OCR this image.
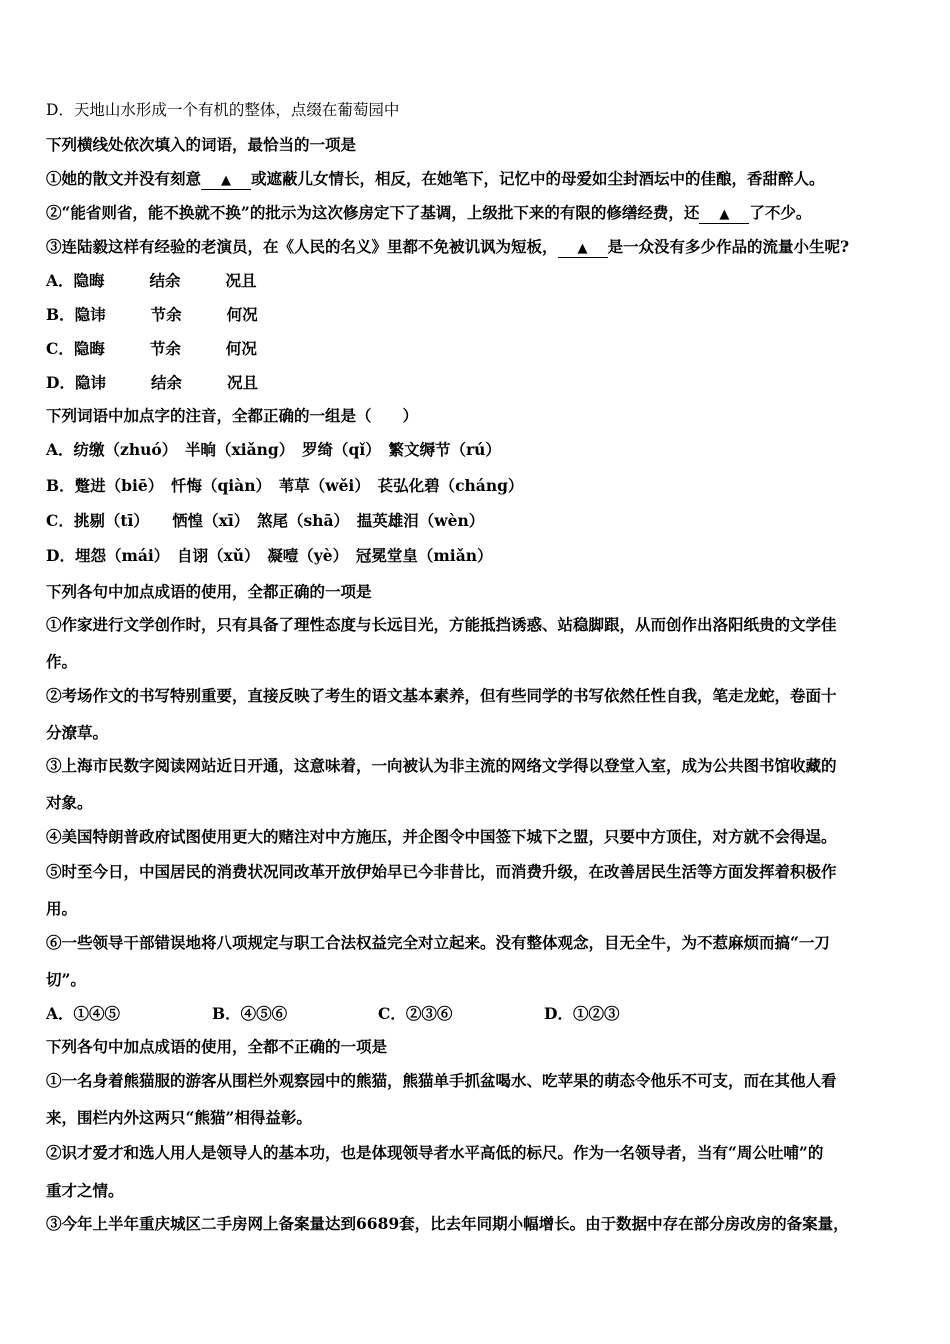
D．天地山水形成一个有机的整体，点缀在葡萄园中
下列横线处依次填入的词语，最恰当的一项是
①她的散文并没有刻意 ▲ 或遮蔽儿女情长，相反，在她笔下，记忆中的母爱如尘封酒坛中的佳酿，香甜醉人。
②“能省则省，能不换就不换”的批示为这次修房定下了基调，上级批下来的有限的修缮经费，还 ▲ 了不少。
③连陆毅这样有经验的老演员，在《人民的名义》里都不免被讥讽为短板， ▲ 是一众没有多少作品的流量小生呢?
A．隐晦	结余	况且
B．隐讳	节余	何况
C．隐晦	节余	何况
D．隐讳	结余	况且
下列词语中加点字的注音，全都正确的一组是（　　）
A．纺缴（zhuó）　半晌（xiǎng）　罗绮（qǐ）　繁文缛节（rú）
B．蹩进（biē）　忏悔（qiàn）　苇草（wěi）　苌弘化碧（cháng）
C．挑剔（tī）　　恓惶（xī）　煞尾（shā）　揾英雄泪（wèn）
D．埋怨（mái）　自诩（xǔ）　凝噎（yè）　冠冕堂皇（miǎn）
下列各句中加点成语的使用，全都正确的一项是
①作家进行文学创作时，只有具备了理性态度与长远目光，方能抵挡诱惑、站稳脚跟，从而创作出洛阳纸贵的文学佳
作。
②考场作文的书写特别重要，直接反映了考生的语文基本素养，但有些同学的书写依然任性自我，笔走龙蛇，卷面十
分潦草。
③上海市民数字阅读网站近日开通，这意味着，一向被认为非主流的网络文学得以登堂入室，成为公共图书馆收藏的
对象。
④美国特朗普政府试图使用更大的赌注对中方施压，并企图令中国签下城下之盟，只要中方顶住，对方就不会得逞。
⑤时至今日，中国居民的消费状况同改革开放伊始早已今非昔比，而消费升级，在改善居民生活等方面发挥着积极作
用。
⑥一些领导干部错误地将八项规定与职工合法权益完全对立起来。没有整体观念，目无全牛，为不惹麻烦而搞“一刀
切”。
A．①④⑤	B．④⑤⑥	C．②③⑥	D．①②③
下列各句中加点成语的使用，全都不正确的一项是
①一名身着熊猫服的游客从围栏外观察园中的熊猫，熊猫单手抓盆喝水、吃苹果的萌态令他乐不可支，而在其他人看
来，围栏内外这两只“熊猫”相得益彰。
②识才爱才和选人用人是领导人的基本功，也是体现领导者水平高低的标尺。作为一名领导者，当有“周公吐哺”的
重才之情。
③今年上半年重庆城区二手房网上备案量达到6689套，比去年同期小幅增长。由于数据中存在部分房改房的备案量，
